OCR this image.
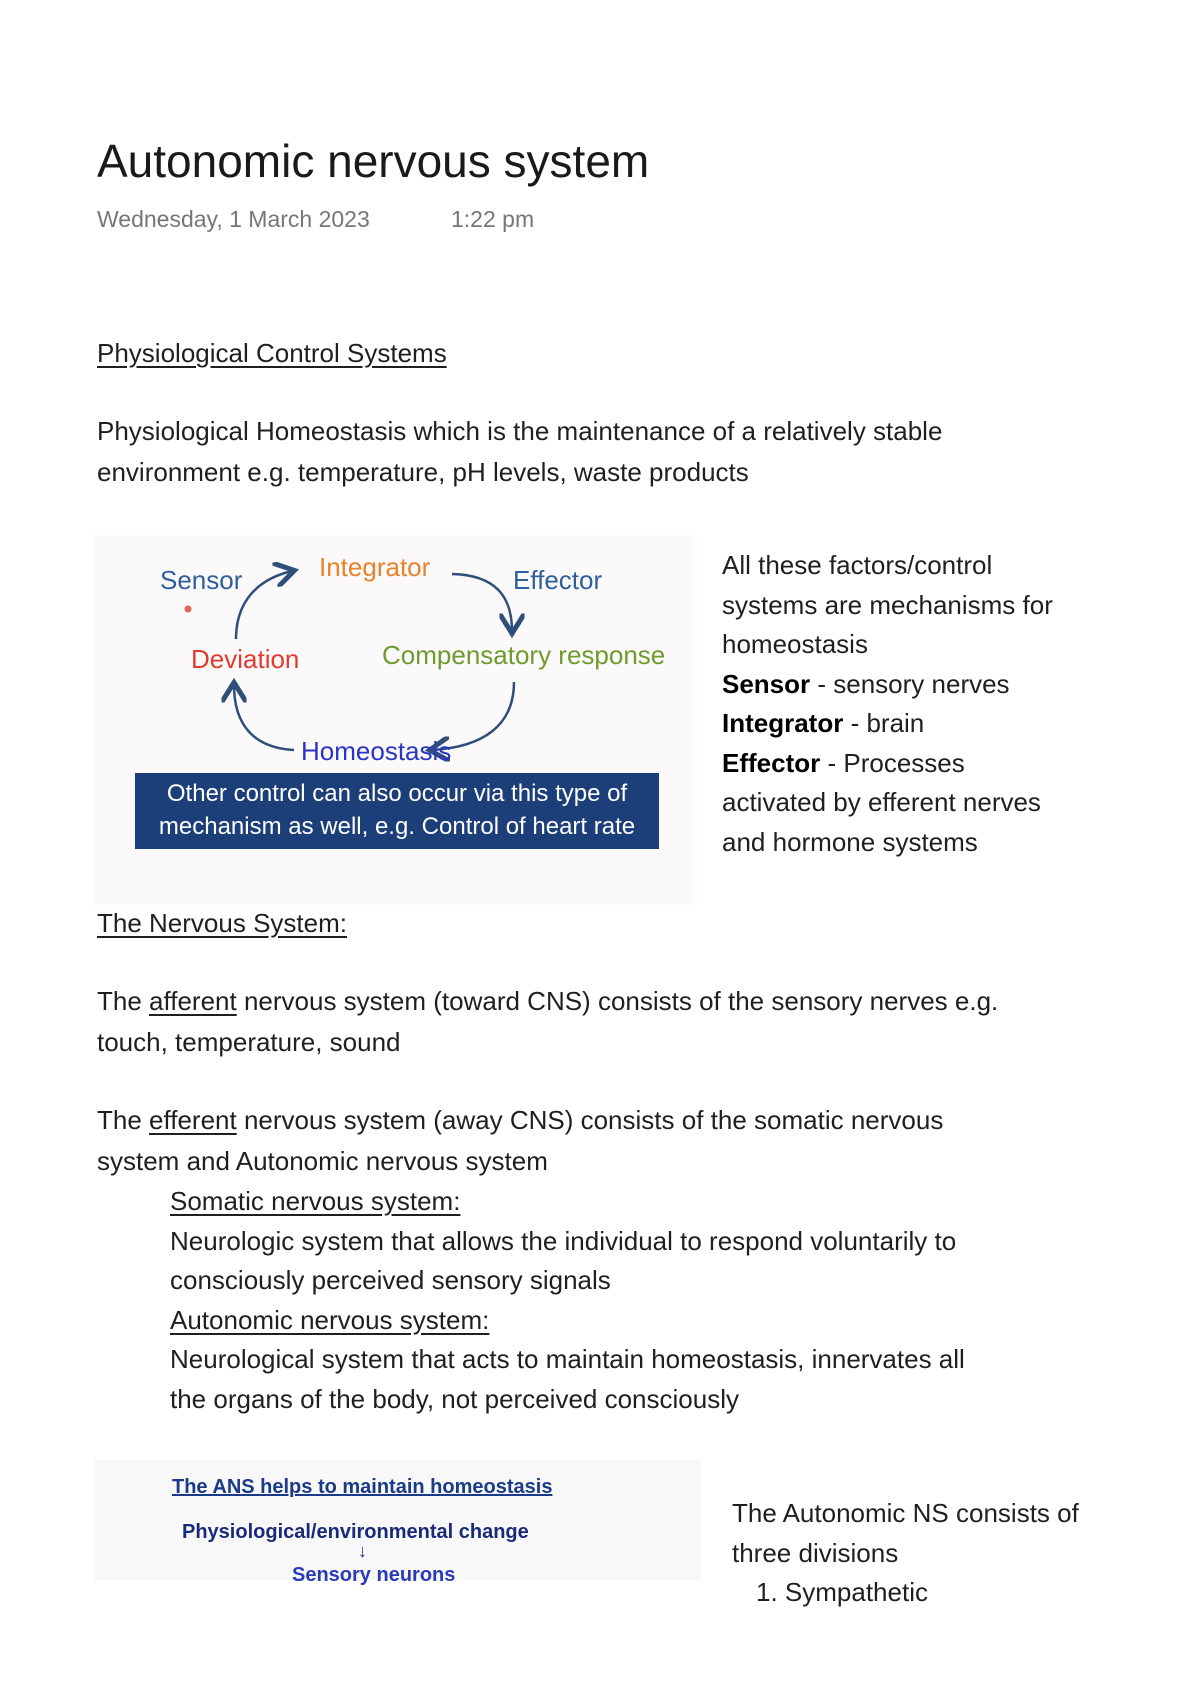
Autonomic nervous system
Wednesday, 1 March 2023	1:22 pm
Physiological Control Systems
Physiological Homeostasis which is the maintenance of a relatively stable
environment e.g. temperature, pH levels, waste products
Sensor	Integrator	Effector
Deviation	Compensatory response
Homeostasis
Other control can also occur via this type of
mechanism as well, e.g. Control of heart rate
All these factors/control
systems are mechanisms for
homeostasis
Sensor - sensory nerves
Integrator - brain
Effector - Processes
activated by efferent nerves
and hormone systems
The Nervous System:
The afferent nervous system (toward CNS) consists of the sensory nerves e.g.
touch, temperature, sound
The efferent nervous system (away CNS) consists of the somatic nervous
system and Autonomic nervous system
Somatic nervous system:
Neurologic system that allows the individual to respond voluntarily to
consciously perceived sensory signals
Autonomic nervous system:
Neurological system that acts to maintain homeostasis, innervates all
the organs of the body, not perceived consciously
The ANS helps to maintain homeostasis
Physiological/environmental change
↓
Sensory neurons
The Autonomic NS consists of
three divisions
1. Sympathetic
